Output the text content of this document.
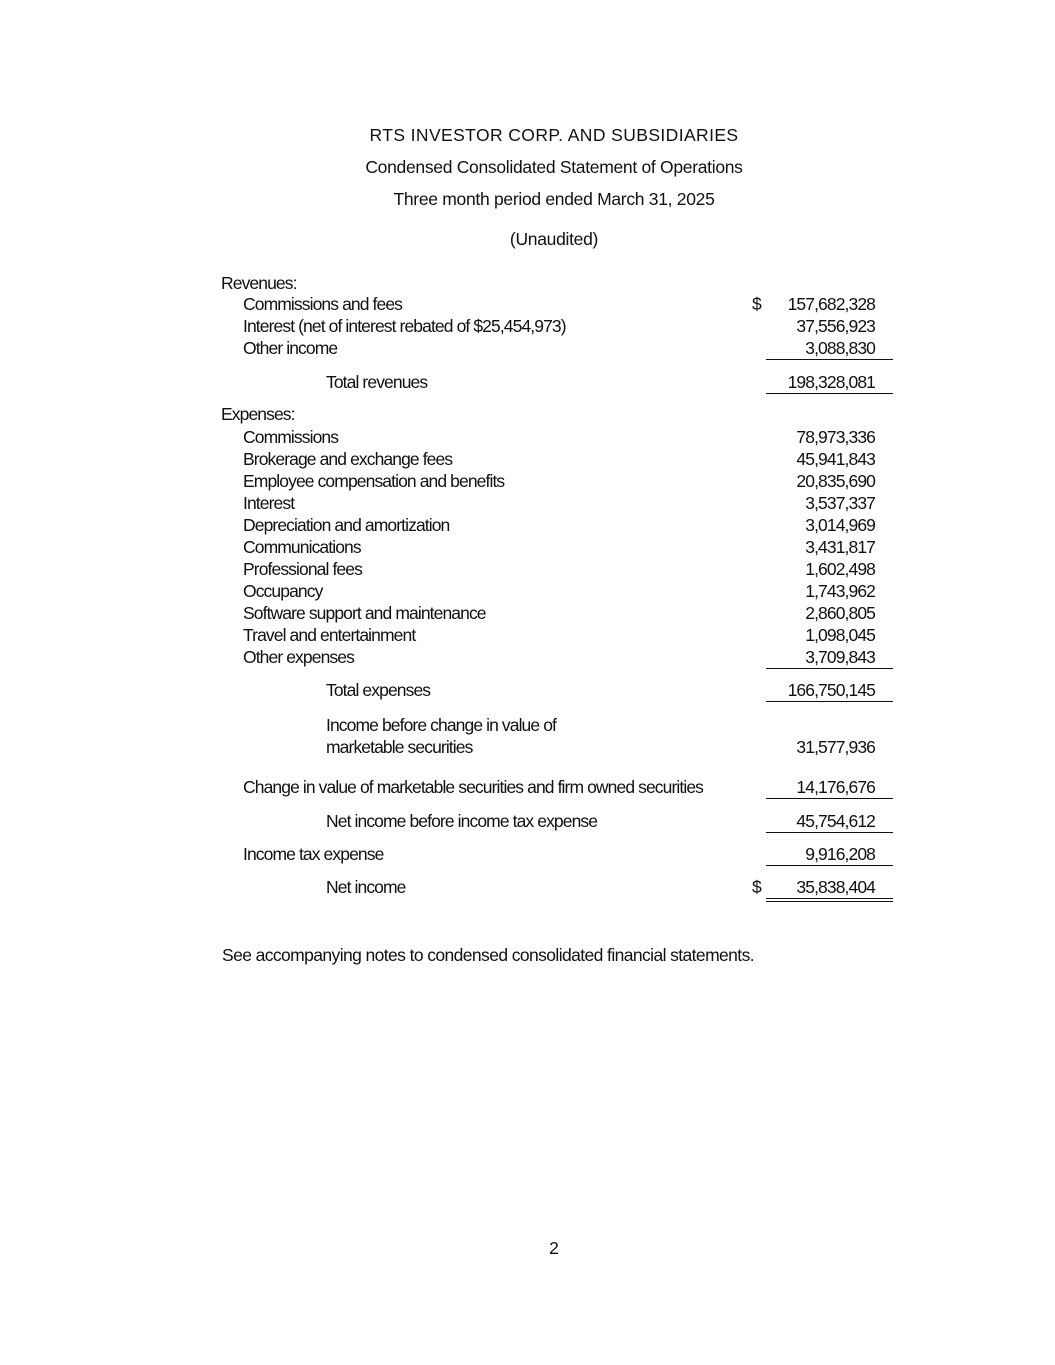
RTS INVESTOR CORP. AND SUBSIDIARIES
Condensed Consolidated Statement of Operations
Three month period ended March 31, 2025
(Unaudited)
Revenues:
Commissions and fees	$ 157,682,328
Interest (net of interest rebated of $25,454,973)	37,556,923
Other income	3,088,830
Total revenues	198,328,081
Expenses:
Commissions	78,973,336
Brokerage and exchange fees	45,941,843
Employee compensation and benefits	20,835,690
Interest	3,537,337
Depreciation and amortization	3,014,969
Communications	3,431,817
Professional fees	1,602,498
Occupancy	1,743,962
Software support and maintenance	2,860,805
Travel and entertainment	1,098,045
Other expenses	3,709,843
Total expenses	166,750,145
Income before change in value of
marketable securities	31,577,936
Change in value of marketable securities and firm owned securities	14,176,676
Net income before income tax expense	45,754,612
Income tax expense	9,916,208
Net income	$ 35,838,404
See accompanying notes to condensed consolidated financial statements.
2
